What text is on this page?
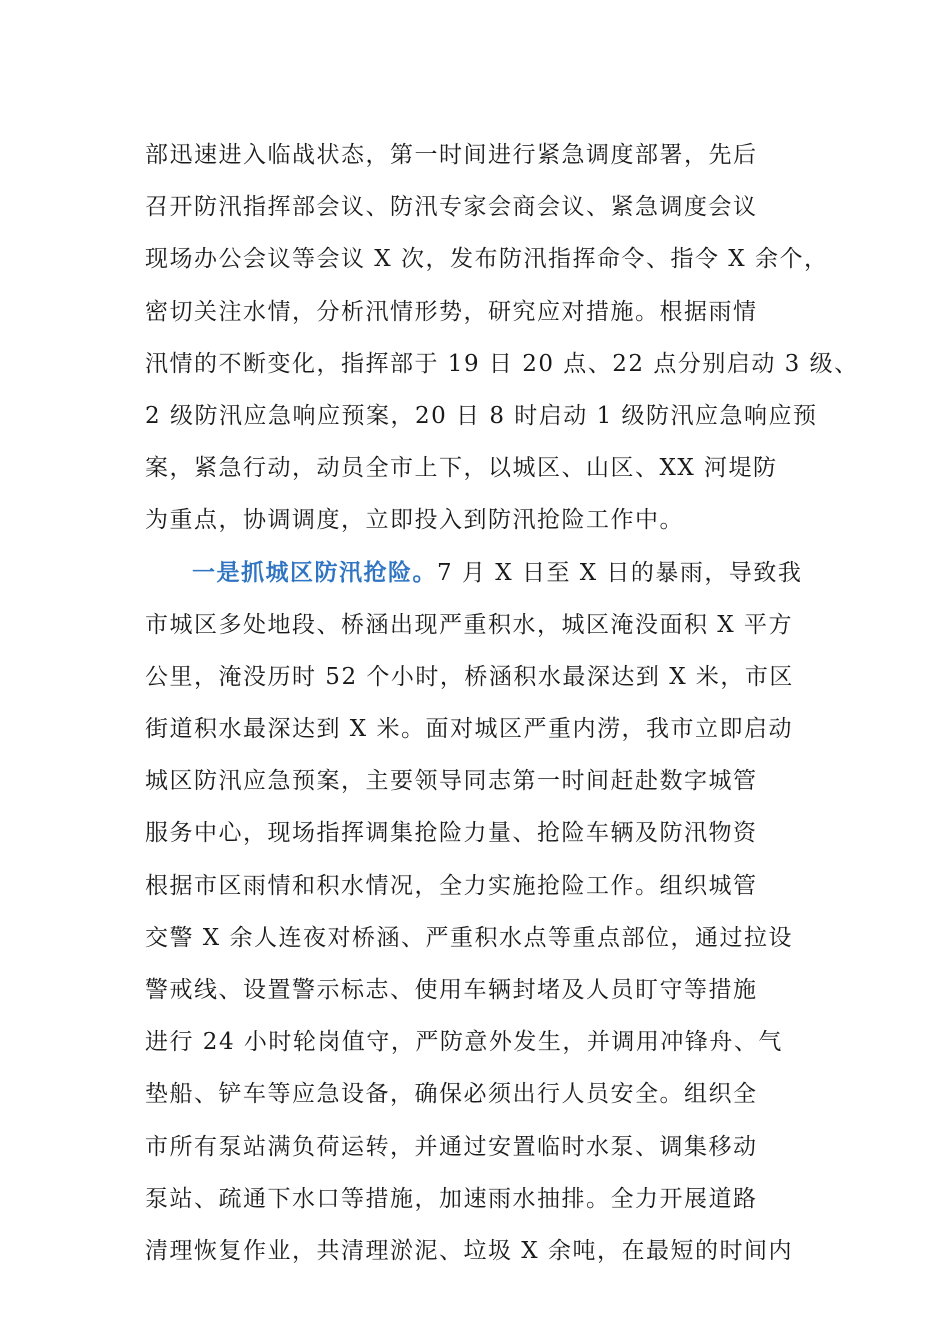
部迅速进入临战状态，第一时间进行紧急调度部署，先后
召开防汛指挥部会议、防汛专家会商会议、紧急调度会议
现场办公会议等会议 X 次，发布防汛指挥命令、指令 X 余个，
密切关注水情，分析汛情形势，研究应对措施。根据雨情
汛情的不断变化，指挥部于 19 日 20 点、22 点分别启动 3 级、
2 级防汛应急响应预案，20 日 8 时启动 1 级防汛应急响应预
案，紧急行动，动员全市上下，以城区、山区、XX 河堤防
为重点，协调调度，立即投入到防汛抢险工作中。
一是抓城区防汛抢险。7 月 X 日至 X 日的暴雨，导致我
市城区多处地段、桥涵出现严重积水，城区淹没面积 X 平方
公里，淹没历时 52 个小时，桥涵积水最深达到 X 米，市区
街道积水最深达到 X 米。面对城区严重内涝，我市立即启动
城区防汛应急预案，主要领导同志第一时间赶赴数字城管
服务中心，现场指挥调集抢险力量、抢险车辆及防汛物资
根据市区雨情和积水情况，全力实施抢险工作。组织城管
交警 X 余人连夜对桥涵、严重积水点等重点部位，通过拉设
警戒线、设置警示标志、使用车辆封堵及人员盯守等措施
进行 24 小时轮岗值守，严防意外发生，并调用冲锋舟、气
垫船、铲车等应急设备，确保必须出行人员安全。组织全
市所有泵站满负荷运转，并通过安置临时水泵、调集移动
泵站、疏通下水口等措施，加速雨水抽排。全力开展道路
清理恢复作业，共清理淤泥、垃圾 X 余吨，在最短的时间内
